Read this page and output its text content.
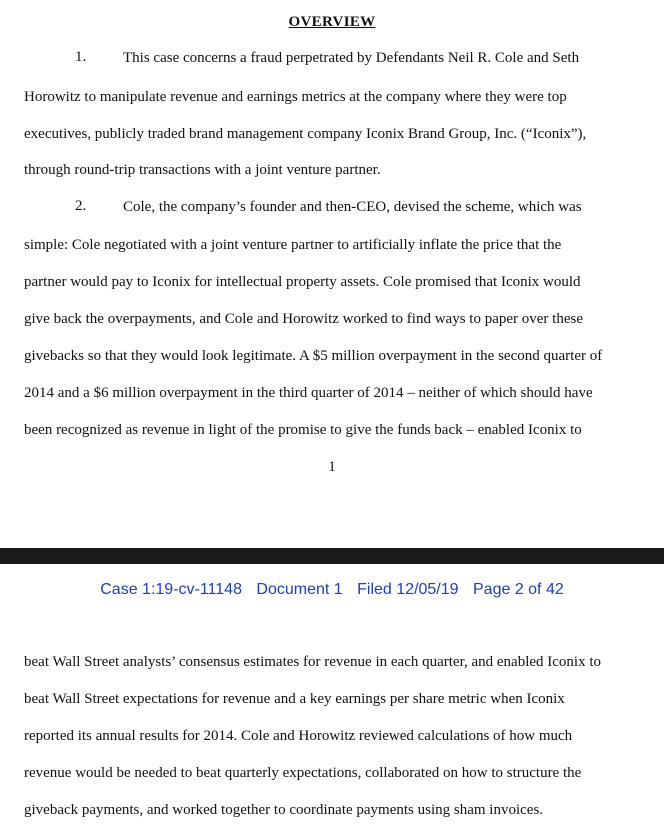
OVERVIEW
1. This case concerns a fraud perpetrated by Defendants Neil R. Cole and Seth
Horowitz to manipulate revenue and earnings metrics at the company where they were top
executives, publicly traded brand management company Iconix Brand Group, Inc. (“Iconix”),
through round-trip transactions with a joint venture partner.
2. Cole, the company’s founder and then-CEO, devised the scheme, which was
simple: Cole negotiated with a joint venture partner to artificially inflate the price that the
partner would pay to Iconix for intellectual property assets. Cole promised that Iconix would
give back the overpayments, and Cole and Horowitz worked to find ways to paper over these
givebacks so that they would look legitimate. A $5 million overpayment in the second quarter of
2014 and a $6 million overpayment in the third quarter of 2014 – neither of which should have
been recognized as revenue in light of the promise to give the funds back – enabled Iconix to
1
Case 1:19-cv-11148 Document 1 Filed 12/05/19 Page 2 of 42
beat Wall Street analysts’ consensus estimates for revenue in each quarter, and enabled Iconix to
beat Wall Street expectations for revenue and a key earnings per share metric when Iconix
reported its annual results for 2014. Cole and Horowitz reviewed calculations of how much
revenue would be needed to beat quarterly expectations, collaborated on how to structure the
giveback payments, and worked together to coordinate payments using sham invoices.
